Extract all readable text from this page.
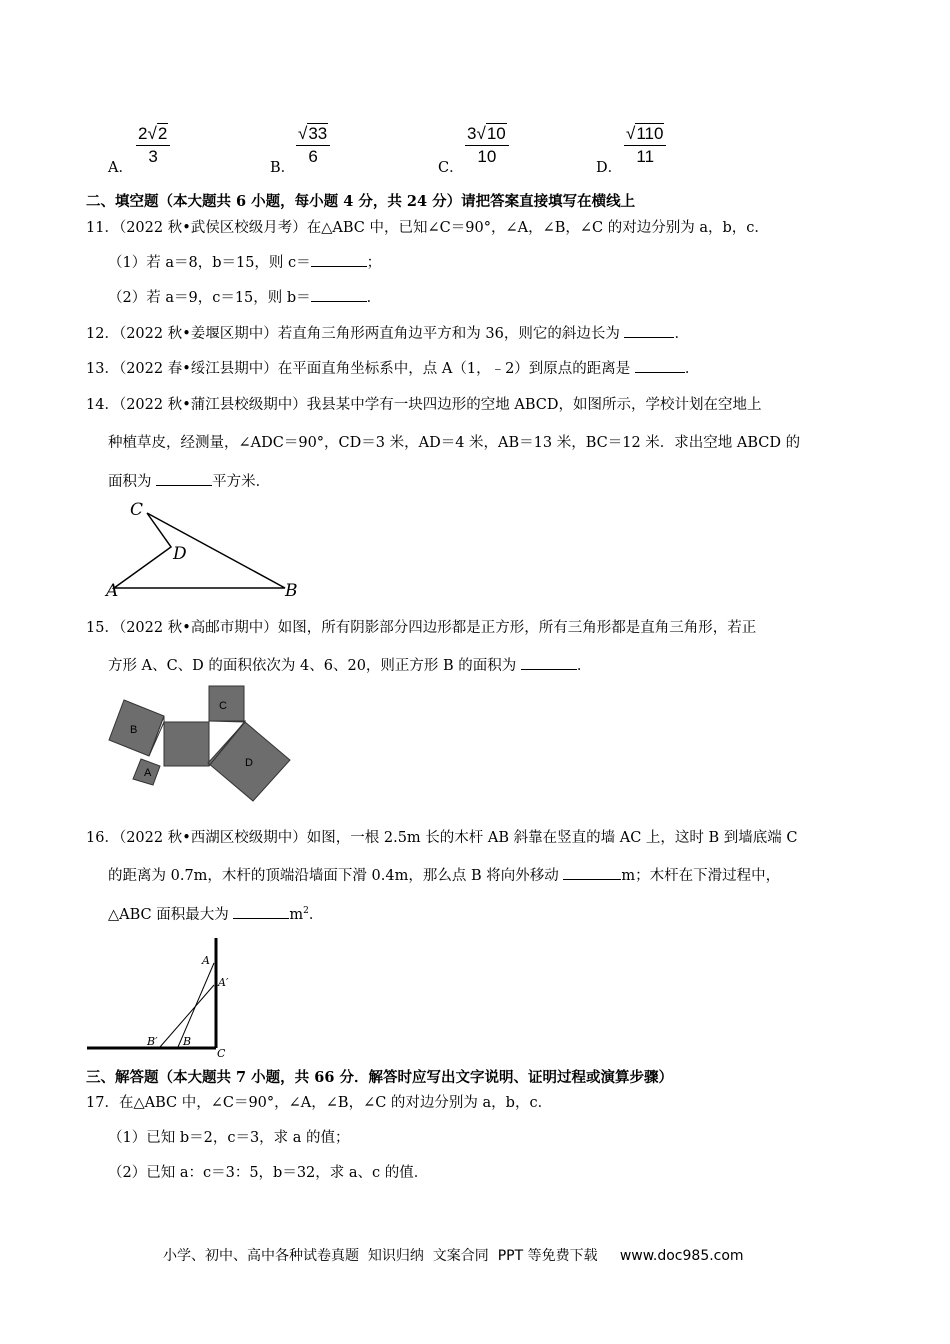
A．
$\frac{2√2}{3}$
B．
$\frac{√33}{6}$
C．
$\frac{3√10}{10}$
D．
$\frac{√110}{11}$
二、填空题（本大题共 6 小题，每小题 4 分，共 24 分）请把答案直接填写在横线上
11．（2022 秋•武侯区校级月考）在△ABC 中，已知∠C＝90°，∠A，∠B，∠C 的对边分别为 a，b，c．
（1）若 a＝8，b＝15，则 c＝	；
（2）若 a＝9，c＝15，则 b＝	．
12．（2022 秋•姜堰区期中）若直角三角形两直角边平方和为 36，则它的斜边长为	．
13．（2022 春•绥江县期中）在平面直角坐标系中，点 A（1，﹣2）到原点的距离是	．
14．（2022 秋•蒲江县校级期中）我县某中学有一块四边形的空地 ABCD，如图所示，学校计划在空地上
种植草皮，经测量，∠ADC＝90°，CD＝3 米，AD＝4 米，AB＝13 米，BC＝12 米．求出空地 ABCD 的
面积为	平方米．
C
D
A	B
15．（2022 秋•高邮市期中）如图，所有阴影部分四边形都是正方形，所有三角形都是直角三角形，若正
方形 A、C、D 的面积依次为 4、6、20，则正方形 B 的面积为	．
B
C
D
A
16．（2022 秋•西湖区校级期中）如图，一根 2.5m 长的木杆 AB 斜靠在竖直的墙 AC 上，这时 B 到墙底端 C
的距离为 0.7m，木杆的顶端沿墙面下滑 0.4m，那么点 B 将向外移动	m；木杆在下滑过程中，
△ABC 面积最大为	$m^2$．
A
A′
B′ B
C
三、解答题（本大题共 7 小题，共 66 分．解答时应写出文字说明、证明过程或演算步骤）
17．在△ABC 中，∠C＝90°，∠A，∠B，∠C 的对边分别为 a，b，c．
（1）已知 b＝2，c＝3，求 a 的值；
（2）已知 a：c＝3：5，b＝32，求 a、c 的值．
小学、初中、高中各种试卷真题  知识归纳  文案合同  PPT 等免费下载     www.doc985.com
